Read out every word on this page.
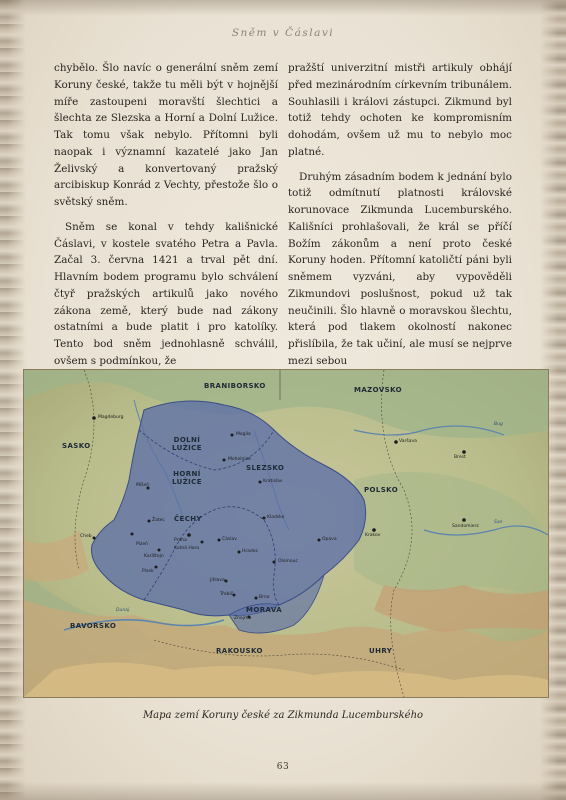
Sněm v Čáslavi

chybělo. Šlo navíc o generální sněm zemí Koruny české, takže tu měli být v hojnější míře zastoupeni moravští šlechtici a šlechta ze Slezska a Horní a Dolní Lužice. Tak tomu však nebylo. Přítomni byli naopak i významní kazatelé jako Jan Želivský a konvertovaný pražský arcibiskup Konrád z Vechty, přestože šlo o světský sněm.

Sněm se konal v tehdy kališnické Čáslavi, v kostele svatého Petra a Pavla. Začal 3. června 1421 a trval pět dní. Hlavním bodem programu bylo schválení čtyř pražských artikulů jako nového zákona země, který bude nad zákony ostatními a bude platit i pro katolíky. Tento bod sněm jednohlasně schválil, ovšem s podmínkou, že

pražští univerzitní mistři artikuly obhájí před mezinárodním církevním tribunálem. Souhlasili i královi zástupci. Zikmund byl totiž tehdy ochoten ke kompromisním dohodám, ovšem už mu to nebylo moc platné.

Druhým zásadním bodem k jednání bylo totiž odmítnutí platnosti královské korunovace Zikmunda Lucemburského. Kališníci prohlašovali, že král se příčí Božím zákonům a není proto české Koruny hoden. Přítomní katoličtí páni byli sněmem vyzváni, aby vypověděli Zikmundovi poslušnost, pokud už tak neučinili. Šlo hlavně o moravskou šlechtu, která pod tlakem okolností nakonec přislíbila, že tak učiní, ale musí se nejprve mezi sebou

BRANIBORSKO	MAZOVSKO
SASKO
DOLNÍ
LUŽICE
HORNÍ
LUŽICE
SLEZSKO
POLSKO
ČECHY
MORAVA
BAVORSKO
RAKOUSKO	UHRY
Magdeburg
Varšava
Brest
Mogila
Mohelnice
Kratislav
Míšeň
Kladsko
Sandomierz
Žatec
Praha
Kutná Hora
Čáslav
Plzeň
Cheb
Karlštejn
Písek
Olomouc
Krakov
Jihlava
Třebíč
Brno
Znojmo
Opava
Hradec
Dunaj
Bug
San
Mapa zemí Koruny české za Zikmunda Lucemburského
63
